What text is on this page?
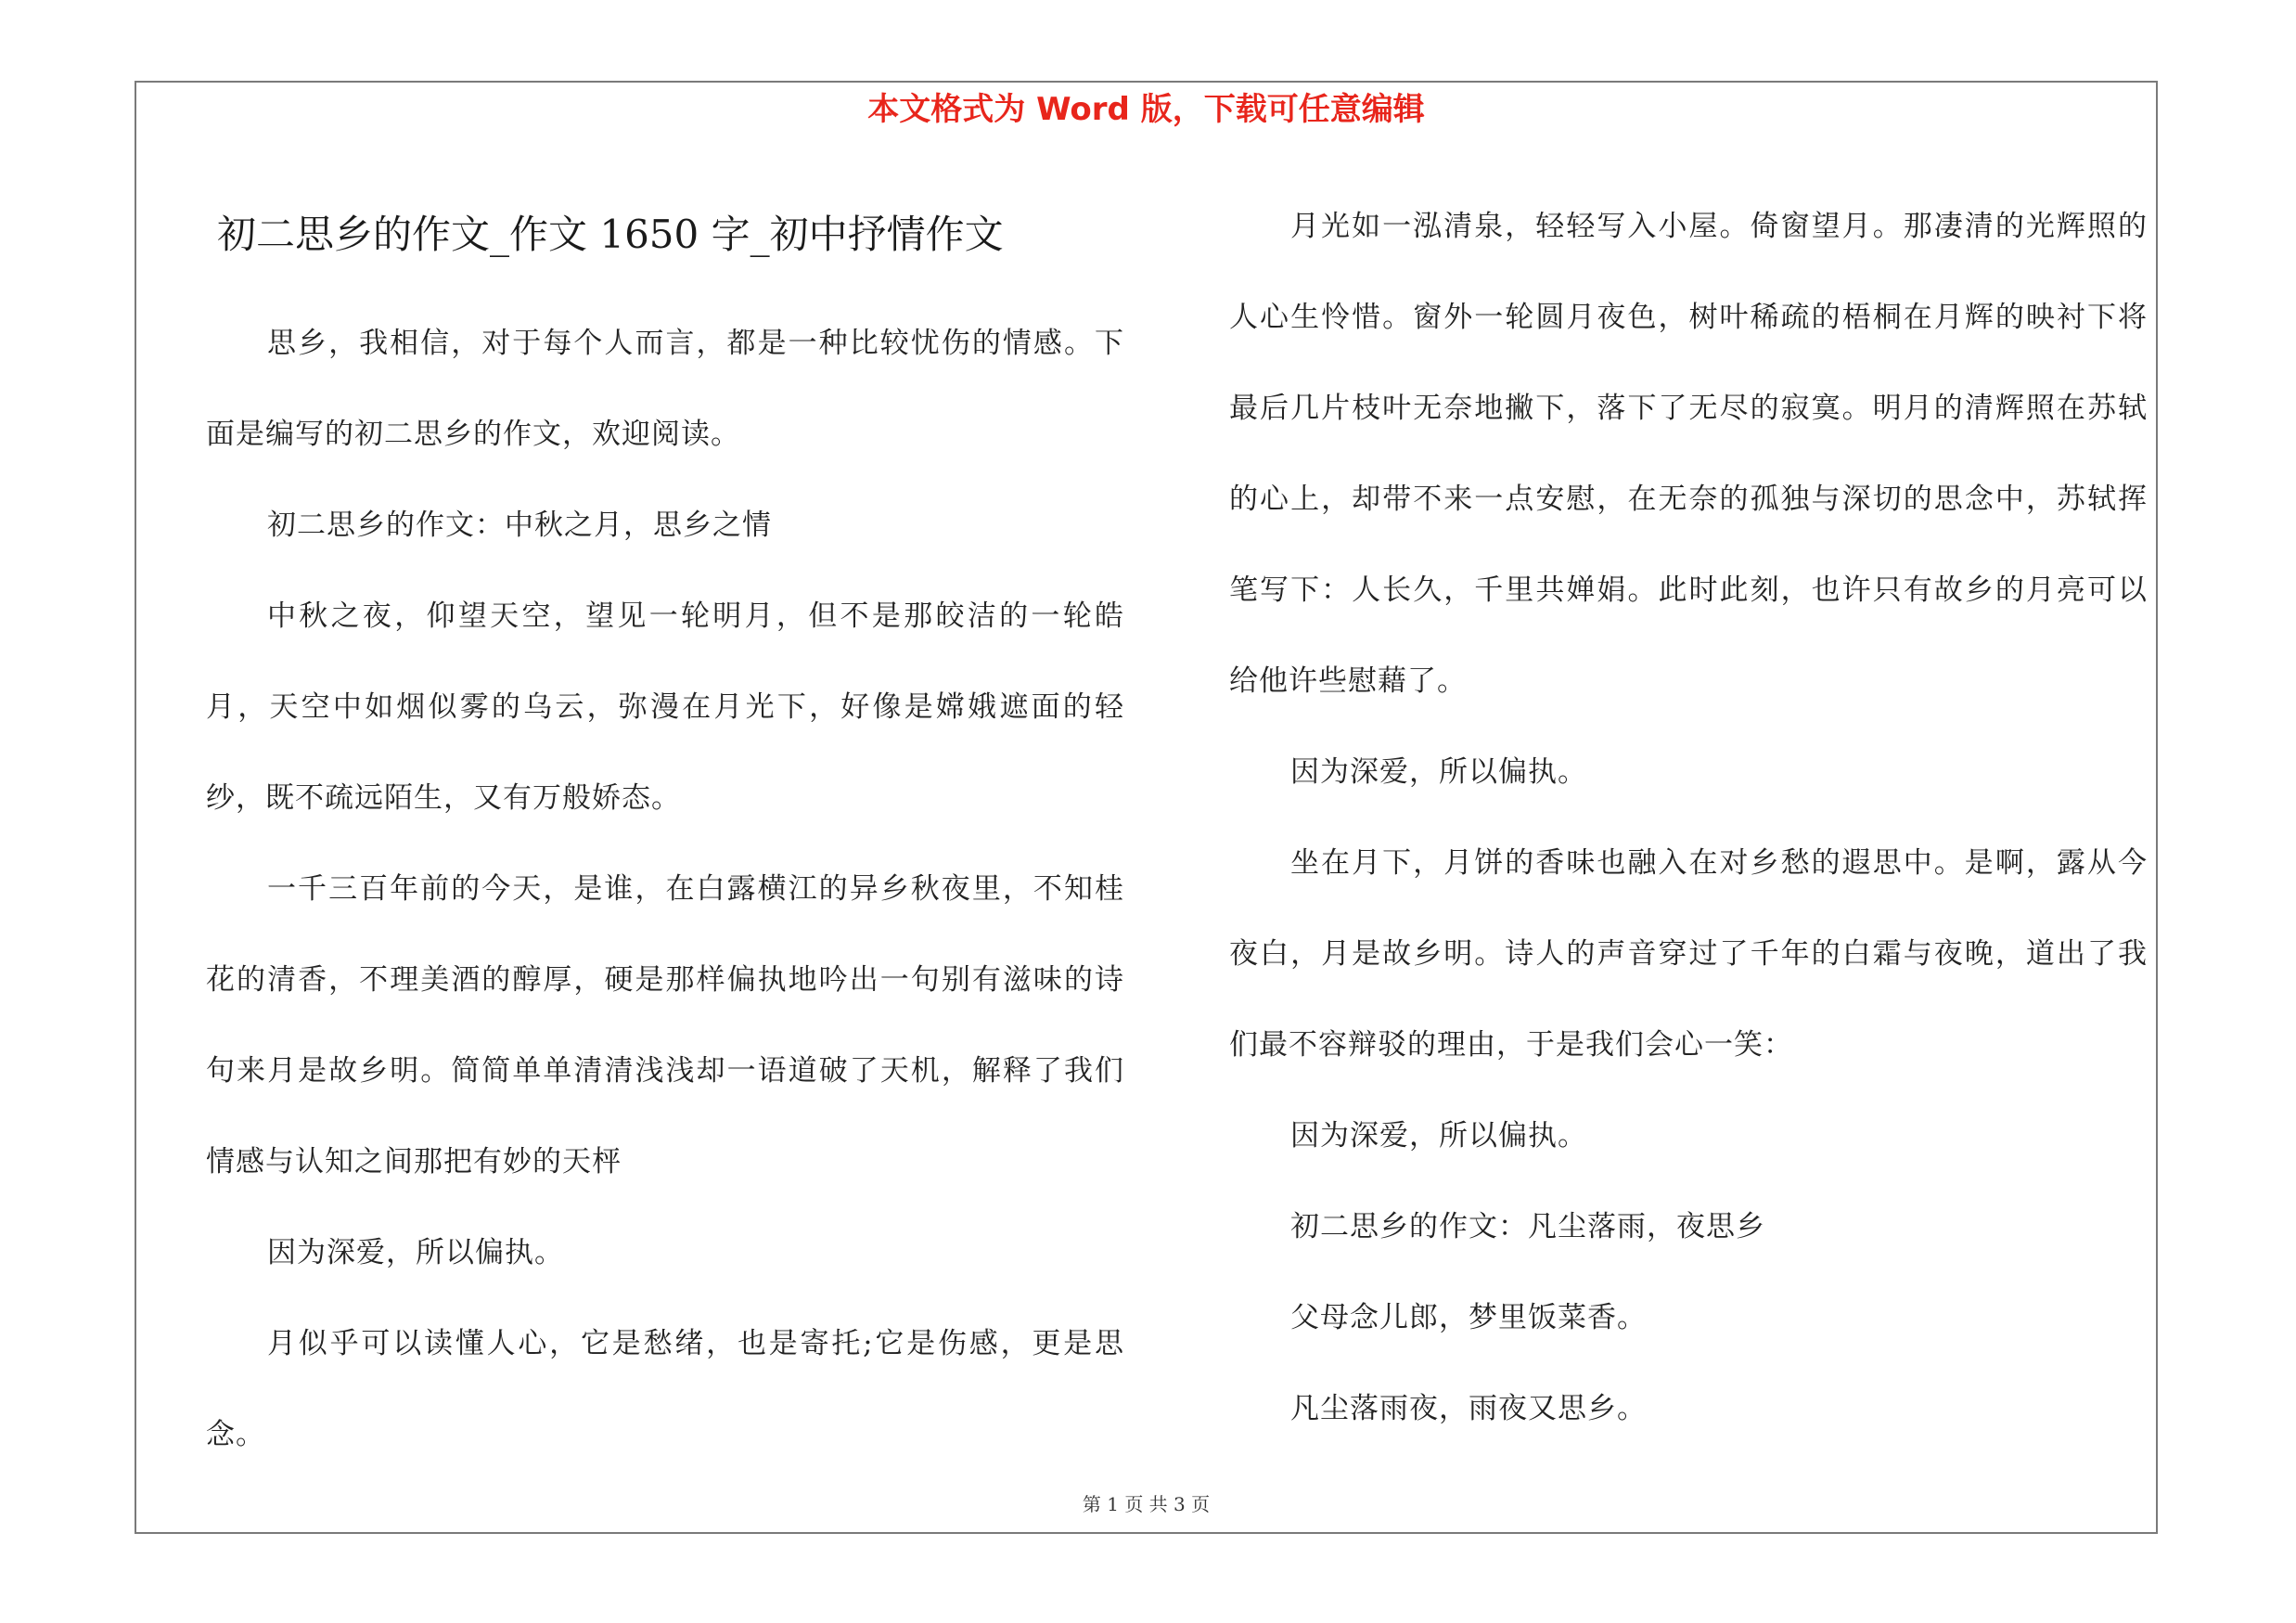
本文格式为 Word 版，下载可任意编辑
初二思乡的作文_作文 1650 字_初中抒情作文

思乡，我相信，对于每个人而言，都是一种比较忧伤的情感。下面是编写的初二思乡的作文，欢迎阅读。

初二思乡的作文：中秋之月，思乡之情

中秋之夜，仰望天空，望见一轮明月，但不是那皎洁的一轮皓月，天空中如烟似雾的乌云，弥漫在月光下，好像是嫦娥遮面的轻纱，既不疏远陌生，又有万般娇态。

一千三百年前的今天，是谁，在白露横江的异乡秋夜里，不知桂花的清香，不理美酒的醇厚，硬是那样偏执地吟出一句别有滋味的诗句来月是故乡明。简简单单清清浅浅却一语道破了天机，解释了我们情感与认知之间那把有妙的天枰

因为深爱，所以偏执。

月似乎可以读懂人心，它是愁绪，也是寄托;它是伤感，更是思念。

月光如一泓清泉，轻轻写入小屋。倚窗望月。那凄清的光辉照的人心生怜惜。窗外一轮圆月夜色，树叶稀疏的梧桐在月辉的映衬下将最后几片枝叶无奈地撇下，落下了无尽的寂寞。明月的清辉照在苏轼的心上，却带不来一点安慰，在无奈的孤独与深切的思念中，苏轼挥笔写下：人长久，千里共婵娟。此时此刻，也许只有故乡的月亮可以给他许些慰藉了。

因为深爱，所以偏执。

坐在月下，月饼的香味也融入在对乡愁的遐思中。是啊，露从今夜白，月是故乡明。诗人的声音穿过了千年的白霜与夜晚，道出了我们最不容辩驳的理由，于是我们会心一笑：

因为深爱，所以偏执。

初二思乡的作文：凡尘落雨，夜思乡

父母念儿郎，梦里饭菜香。

凡尘落雨夜，雨夜又思乡。

第 1 页 共 3 页
